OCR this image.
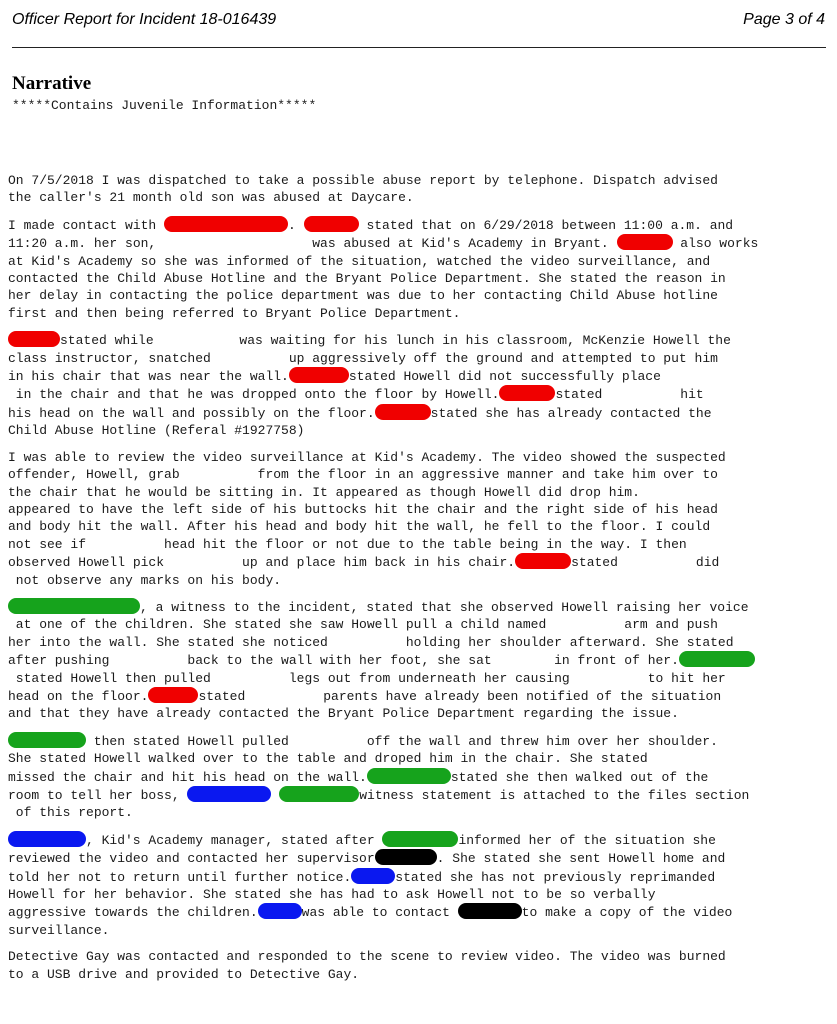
Officer Report for Incident 18-016439	Page 3 of 4
Narrative
*****Contains Juvenile Information*****
On 7/5/2018 I was dispatched to take a possible abuse report by telephone. Dispatch advised
the caller's 21 month old son was abused at Daycare.
I made contact with	.	stated that on 6/29/2018 between 11:00 a.m. and
11:20 a.m. her son,                    was abused at Kid's Academy in Bryant.	also works
at Kid's Academy so she was informed of the situation, watched the video surveillance, and
contacted the Child Abuse Hotline and the Bryant Police Department. She stated the reason in
her delay in contacting the police department was due to her contacting Child Abuse hotline
first and then being referred to Bryant Police Department.
stated while           was waiting for his lunch in his classroom, McKenzie Howell the
class instructor, snatched          up aggressively off the ground and attempted to put him
in his chair that was near the wall.	stated Howell did not successfully place
in the chair and that he was dropped onto the floor by Howell.	stated          hit
his head on the wall and possibly on the floor.	stated she has already contacted the
Child Abuse Hotline (Referal #1927758)
I was able to review the video surveillance at Kid's Academy. The video showed the suspected
offender, Howell, grab          from the floor in an aggressive manner and take him over to
the chair that he would be sitting in. It appeared as though Howell did drop him.
appeared to have the left side of his buttocks hit the chair and the right side of his head
and body hit the wall. After his head and body hit the wall, he fell to the floor. I could
not see if          head hit the floor or not due to the table being in the way. I then
observed Howell pick          up and place him back in his chair.	stated          did
not observe any marks on his body.
, a witness to the incident, stated that she observed Howell raising her voice
at one of the children. She stated she saw Howell pull a child named          arm and push
her into the wall. She stated she noticed          holding her shoulder afterward. She stated
after pushing          back to the wall with her foot, she sat        in front of her.
stated Howell then pulled          legs out from underneath her causing          to hit her
head on the floor.	stated          parents have already been notified of the situation
and that they have already contacted the Bryant Police Department regarding the issue.
then stated Howell pulled          off the wall and threw him over her shoulder.
She stated Howell walked over to the table and droped him in the chair. She stated
missed the chair and hit his head on the wall.	stated she then walked out of the
room to tell her boss,	witness statement is attached to the files section
of this report.
, Kid's Academy manager, stated after	informed her of the situation she
reviewed the video and contacted her supervisor	. She stated she sent Howell home and
told her not to return until further notice.	stated she has not previously reprimanded
Howell for her behavior. She stated she has had to ask Howell not to be so verbally
aggressive towards the children.	was able to contact	to make a copy of the video
surveillance.
Detective Gay was contacted and responded to the scene to review video. The video was burned
to a USB drive and provided to Detective Gay.
